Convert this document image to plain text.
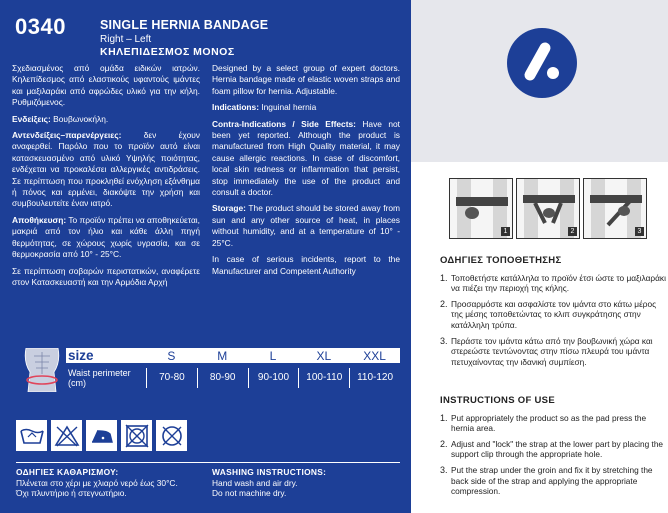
0340	SINGLE HERNIA BANDAGE
Right – Left
ΚΗΛΕΠΙΔΕΣΜΟΣ ΜΟΝΟΣ

Σχεδιασμένος από ομάδα ειδικών ιατρών. Κηλεπίδεσμος από ελαστικούς υφαντούς ιμάντες και μαξιλαράκι από αφρώδες υλικό για την κήλη. Ρυθμιζόμενος.

Ενδείξεις: Βουβωνοκήλη.

Αντενδείξεις–παρενέργειες: δεν έχουν αναφερθεί. Παρόλο που το προϊόν αυτό είναι κατασκευασμένο από υλικό Υψηλής ποιότητας, ενδέχεται να προκαλέσει αλλεργικές αντιδράσεις. Σε περίπτωση που προκληθεί ενόχληση εξάνθημα ή πόνος και ερμένει, διακόψτε την χρήση και συμβουλευτείτε έναν ιατρό.

Αποθήκευση: Το προϊόν πρέπει να αποθηκεύεται, μακριά από τον ήλιο και κάθε άλλη πηγή θερμότητας, σε χώρους χωρίς υγρασία, και σε θερμοκρασία από 10° - 25°C.

Σε περίπτωση σοβαρών περιστατικών, αναφέρετε στον Κατασκευαστή και την Αρμόδια Αρχή

Designed by a select group of expert doctors. Hernia bandage made of elastic woven straps and foam pillow for hernia. Adjustable.

Indications: Inguinal hernia

Contra-Indications / Side Effects: Have not been yet reported. Although the product is manufactured from High Quality material, it may cause allergic reactions. In case of discomfort, local skin redness or inflammation that persist, stop immediately the use of the product and consult a doctor.

Storage: The product should be stored away from sun and any other source of heat, in places without humidity, and at a temperature of 10° - 25°C.

In case of serious incidents, report to the Manufacturer and Competent Authority

size	S	M	L	XL	XXL
Waist perimeter (cm)	70-80	80-90	90-100	100-110	110-120
ΟΔΗΓΙΕΣ ΚΑΘΑΡΙΣΜΟΥ:
Πλένεται στο χέρι με χλιαρό νερό έως 30°C.
Όχι πλυντήριο ή στεγνωτήριο.
WASHING INSTRUCTIONS:
Hand wash and air dry.
Do not machine dry.
1	2	3
ΟΔΗΓΙΕΣ ΤΟΠΟΘΕΤΗΣΗΣ
1. Τοποθετήστε κατάλληλα το προϊόν έτσι ώστε το μαξιλαράκι να πιέζει την περιοχή της κήλης.
2. Προσαρμόστε και ασφαλίστε τον ιμάντα στο κάτω μέρος της μέσης τοποθετώντας το κλιπ συγκράτησης στην κατάλληλη τρύπα.
3. Περάστε τον ιμάντα κάτω από την βουβωνική χώρα και στερεώστε τεντώνοντας στην πίσω πλευρά του ιμάντα πετυχαίνοντας την ιδανική συμπίεση.
INSTRUCTIONS OF USE
1. Put appropriately the product so as the pad press the hernia area.
2. Adjust and "lock" the strap at the lower part by placing the support clip through the appropriate hole.
3. Put the strap under the groin and fix it by stretching the back side of the strap and applying the appropriate compression.
